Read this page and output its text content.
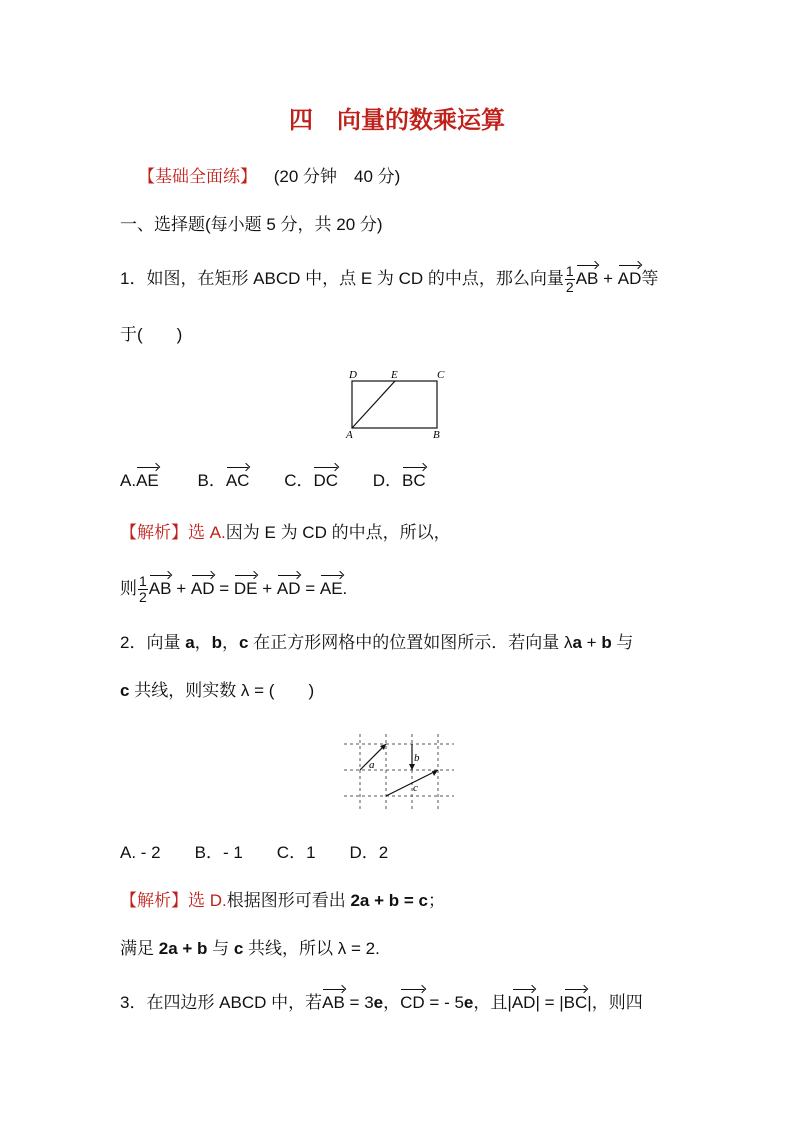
四　向量的数乘运算
【基础全面练】 (20 分钟　40 分)
一、选择题(每小题 5 分，共 20 分)
1．如图，在矩形 ABCD 中，点 E 为 CD 的中点，那么向量 $\frac{1}{2}$ AB + AD等
于(　　)
D	E	C
A	B
A.AE B．AC C．DC D．BC
【解析】选 A.因为 E 为 CD 的中点，所以，
则 $\frac{1}{2}$ AB + AD = DE + AD = AE.
2．向量 a，b，c 在正方形网格中的位置如图所示．若向量 λa + b 与
c 共线，则实数 λ = (　　)
a
b
c
A. - 2　　B．- 1　　C．1　　D．2
【解析】选 D.根据图形可看出 2a + b = c；
满足 2a + b 与 c 共线，所以 λ = 2.
3．在四边形 ABCD 中，若AB = 3e，CD = - 5e，且|AD| = |BC|，则四
